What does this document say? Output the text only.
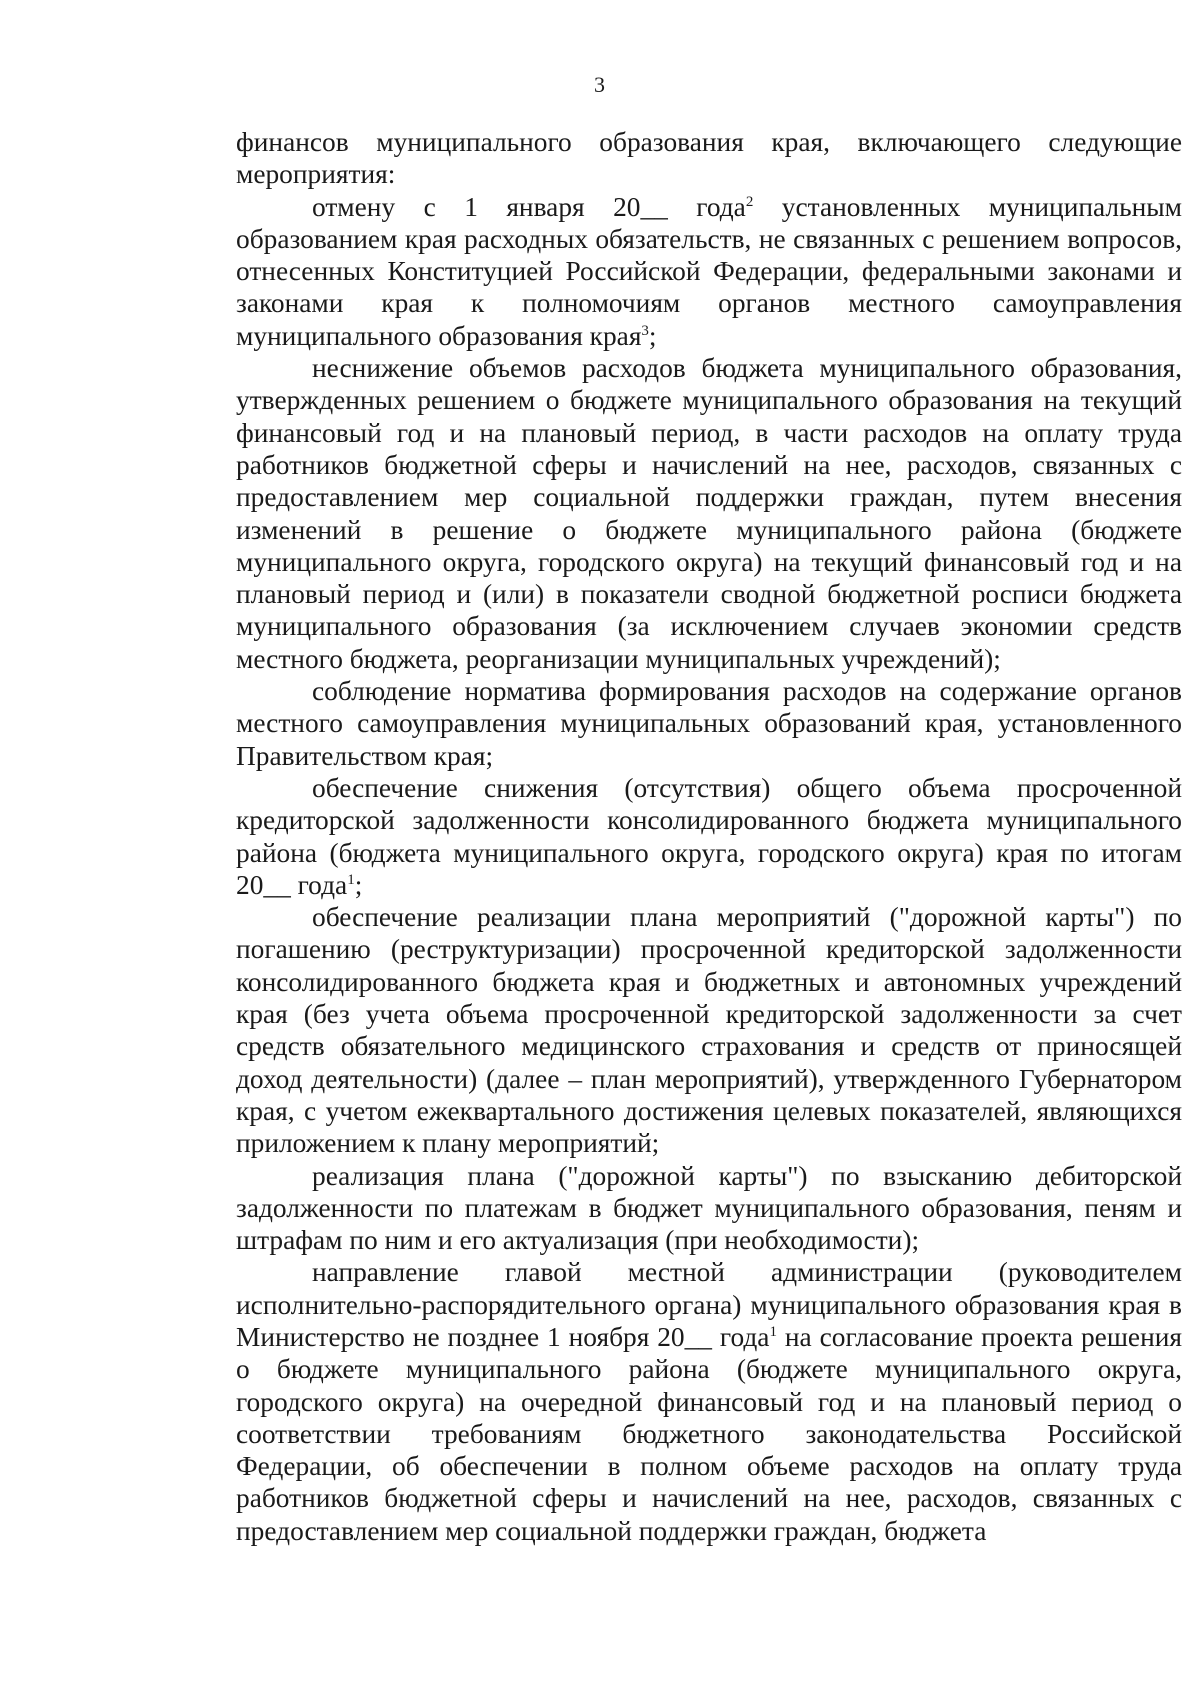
3

финансов муниципального образования края, включающего следующие мероприятия:

отмену с 1 января 20__ года$^2$ установленных муниципальным образованием края расходных обязательств, не связанных с решением вопросов, отнесенных Конституцией Российской Федерации, федеральными законами и законами края к полномочиям органов местного самоуправления муниципального образования края$^3$;

неснижение объемов расходов бюджета муниципального образования, утвержденных решением о бюджете муниципального образования на текущий финансовый год и на плановый период, в части расходов на оплату труда работников бюджетной сферы и начислений на нее, расходов, связанных с предоставлением мер социальной поддержки граждан, путем внесения изменений в решение о бюджете муниципального района (бюджете муниципального округа, городского округа) на текущий финансовый год и на плановый период и (или) в показатели сводной бюджетной росписи бюджета муниципального образования (за исключением случаев экономии средств местного бюджета, реорганизации муниципальных учреждений);

соблюдение норматива формирования расходов на содержание органов местного самоуправления муниципальных образований края, установленного Правительством края;

обеспечение снижения (отсутствия) общего объема просроченной кредиторской задолженности консолидированного бюджета муниципального района (бюджета муниципального округа, городского округа) края по итогам 20__ года$^1$;

обеспечение реализации плана мероприятий ("дорожной карты") по погашению (реструктуризации) просроченной кредиторской задолженности консолидированного бюджета края и бюджетных и автономных учреждений края (без учета объема просроченной кредиторской задолженности за счет средств обязательного медицинского страхования и средств от приносящей доход деятельности) (далее – план мероприятий), утвержденного Губернатором края, с учетом ежеквартального достижения целевых показателей, являющихся приложением к плану мероприятий;

реализация плана ("дорожной карты") по взысканию дебиторской задолженности по платежам в бюджет муниципального образования, пеням и штрафам по ним и его актуализация (при необходимости);

направление главой местной администрации (руководителем исполнительно-распорядительного органа) муниципального образования края в Министерство не позднее 1 ноября 20__ года$^1$ на согласование проекта решения о бюджете муниципального района (бюджете муниципального округа, городского округа) на очередной финансовый год и на плановый период о соответствии требованиям бюджетного законодательства Российской Федерации, об обеспечении в полном объеме расходов на оплату труда работников бюджетной сферы и начислений на нее, расходов, связанных с предоставлением мер социальной поддержки граждан, бюджета
